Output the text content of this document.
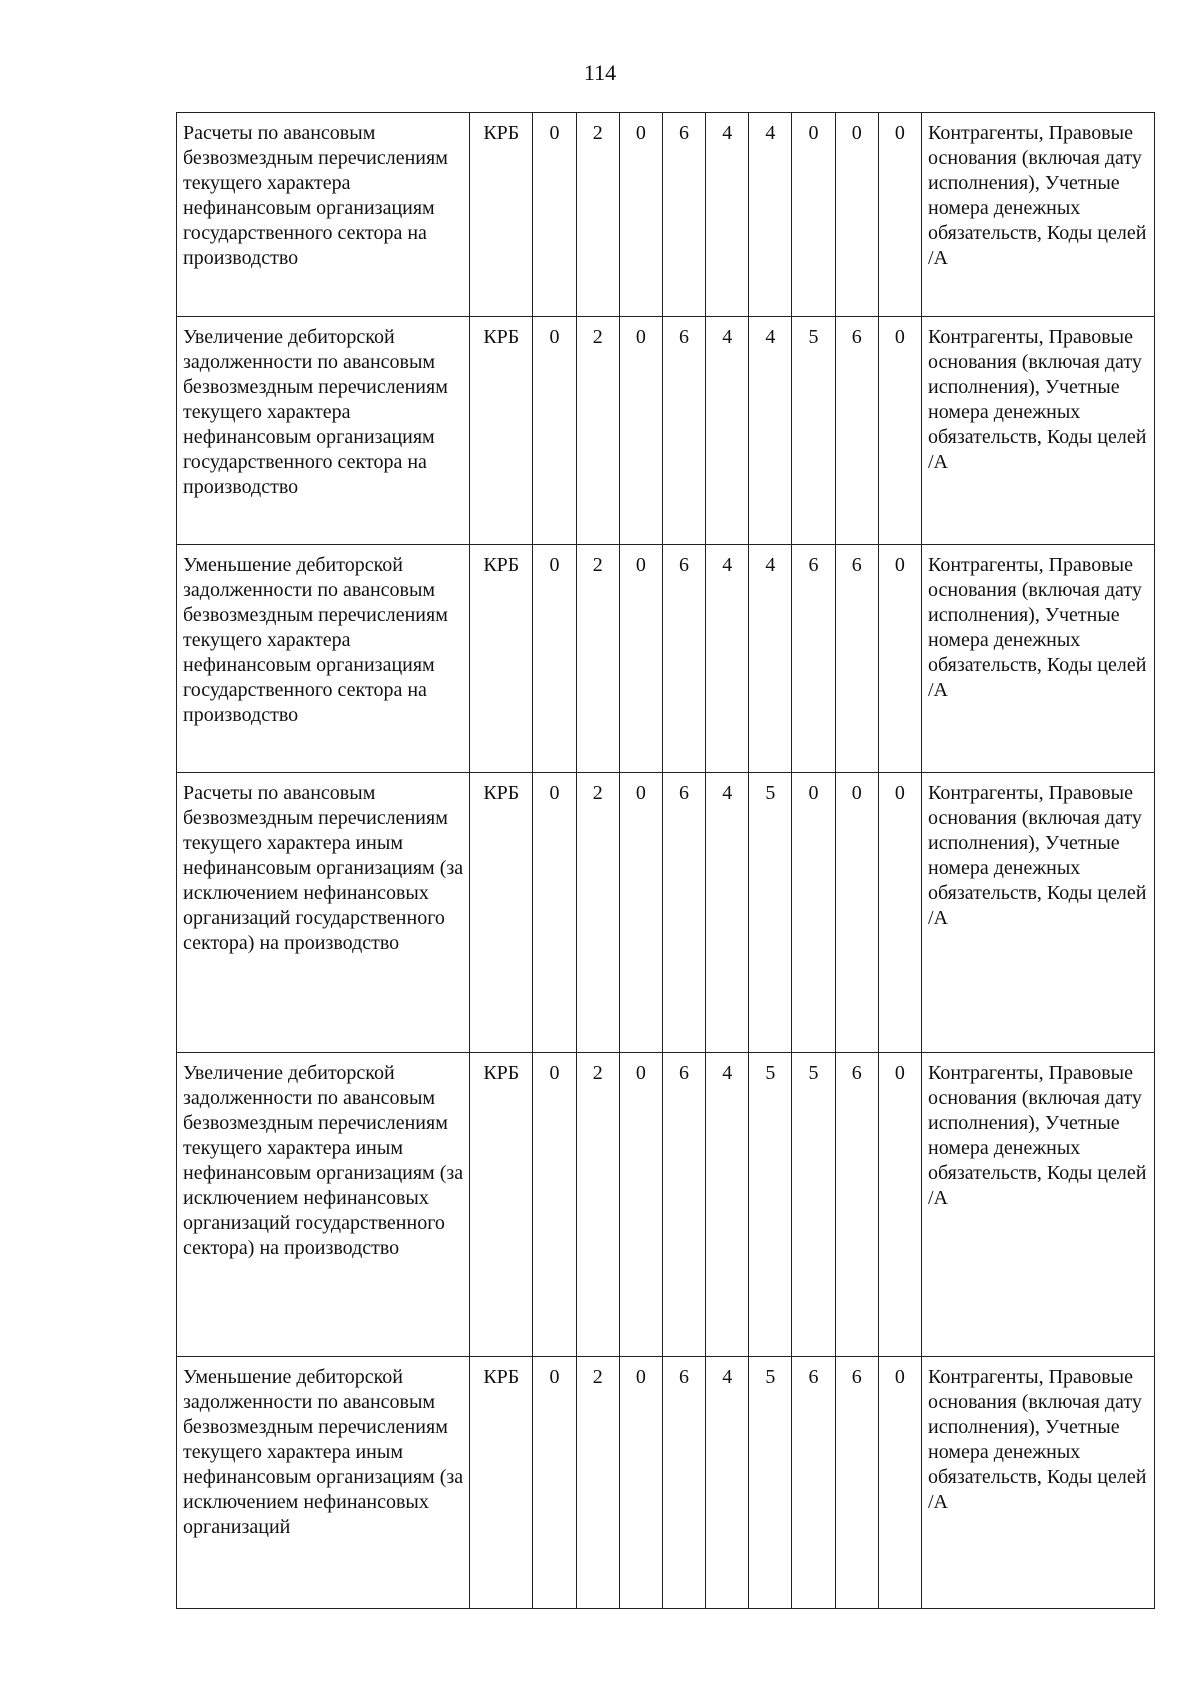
114
Расчеты по авансовым безвозмездным перечислениям текущего характера нефинансовым организациям государственного сектора на производство	КРБ	0	2	0	6	4	4	0	0	0	Контрагенты, Правовые основания (включая дату исполнения), Учетные номера денежных обязательств, Коды целей /А
Увеличение дебиторской задолженности по авансовым безвозмездным перечислениям текущего характера нефинансовым организациям государственного сектора на производство	КРБ	0	2	0	6	4	4	5	6	0	Контрагенты, Правовые основания (включая дату исполнения), Учетные номера денежных обязательств, Коды целей /А
Уменьшение дебиторской задолженности по авансовым безвозмездным перечислениям текущего характера нефинансовым организациям государственного сектора на производство	КРБ	0	2	0	6	4	4	6	6	0	Контрагенты, Правовые основания (включая дату исполнения), Учетные номера денежных обязательств, Коды целей /А
Расчеты по авансовым безвозмездным перечислениям текущего характера иным нефинансовым организациям (за исключением нефинансовых организаций государственного сектора) на производство	КРБ	0	2	0	6	4	5	0	0	0	Контрагенты, Правовые основания (включая дату исполнения), Учетные номера денежных обязательств, Коды целей /А
Увеличение дебиторской задолженности по авансовым безвозмездным перечислениям текущего характера иным нефинансовым организациям (за исключением нефинансовых организаций государственного сектора) на производство	КРБ	0	2	0	6	4	5	5	6	0	Контрагенты, Правовые основания (включая дату исполнения), Учетные номера денежных обязательств, Коды целей /А
Уменьшение дебиторской задолженности по авансовым безвозмездным перечислениям текущего характера иным нефинансовым организациям (за исключением нефинансовых организаций	КРБ	0	2	0	6	4	5	6	6	0	Контрагенты, Правовые основания (включая дату исполнения), Учетные номера денежных обязательств, Коды целей /А
